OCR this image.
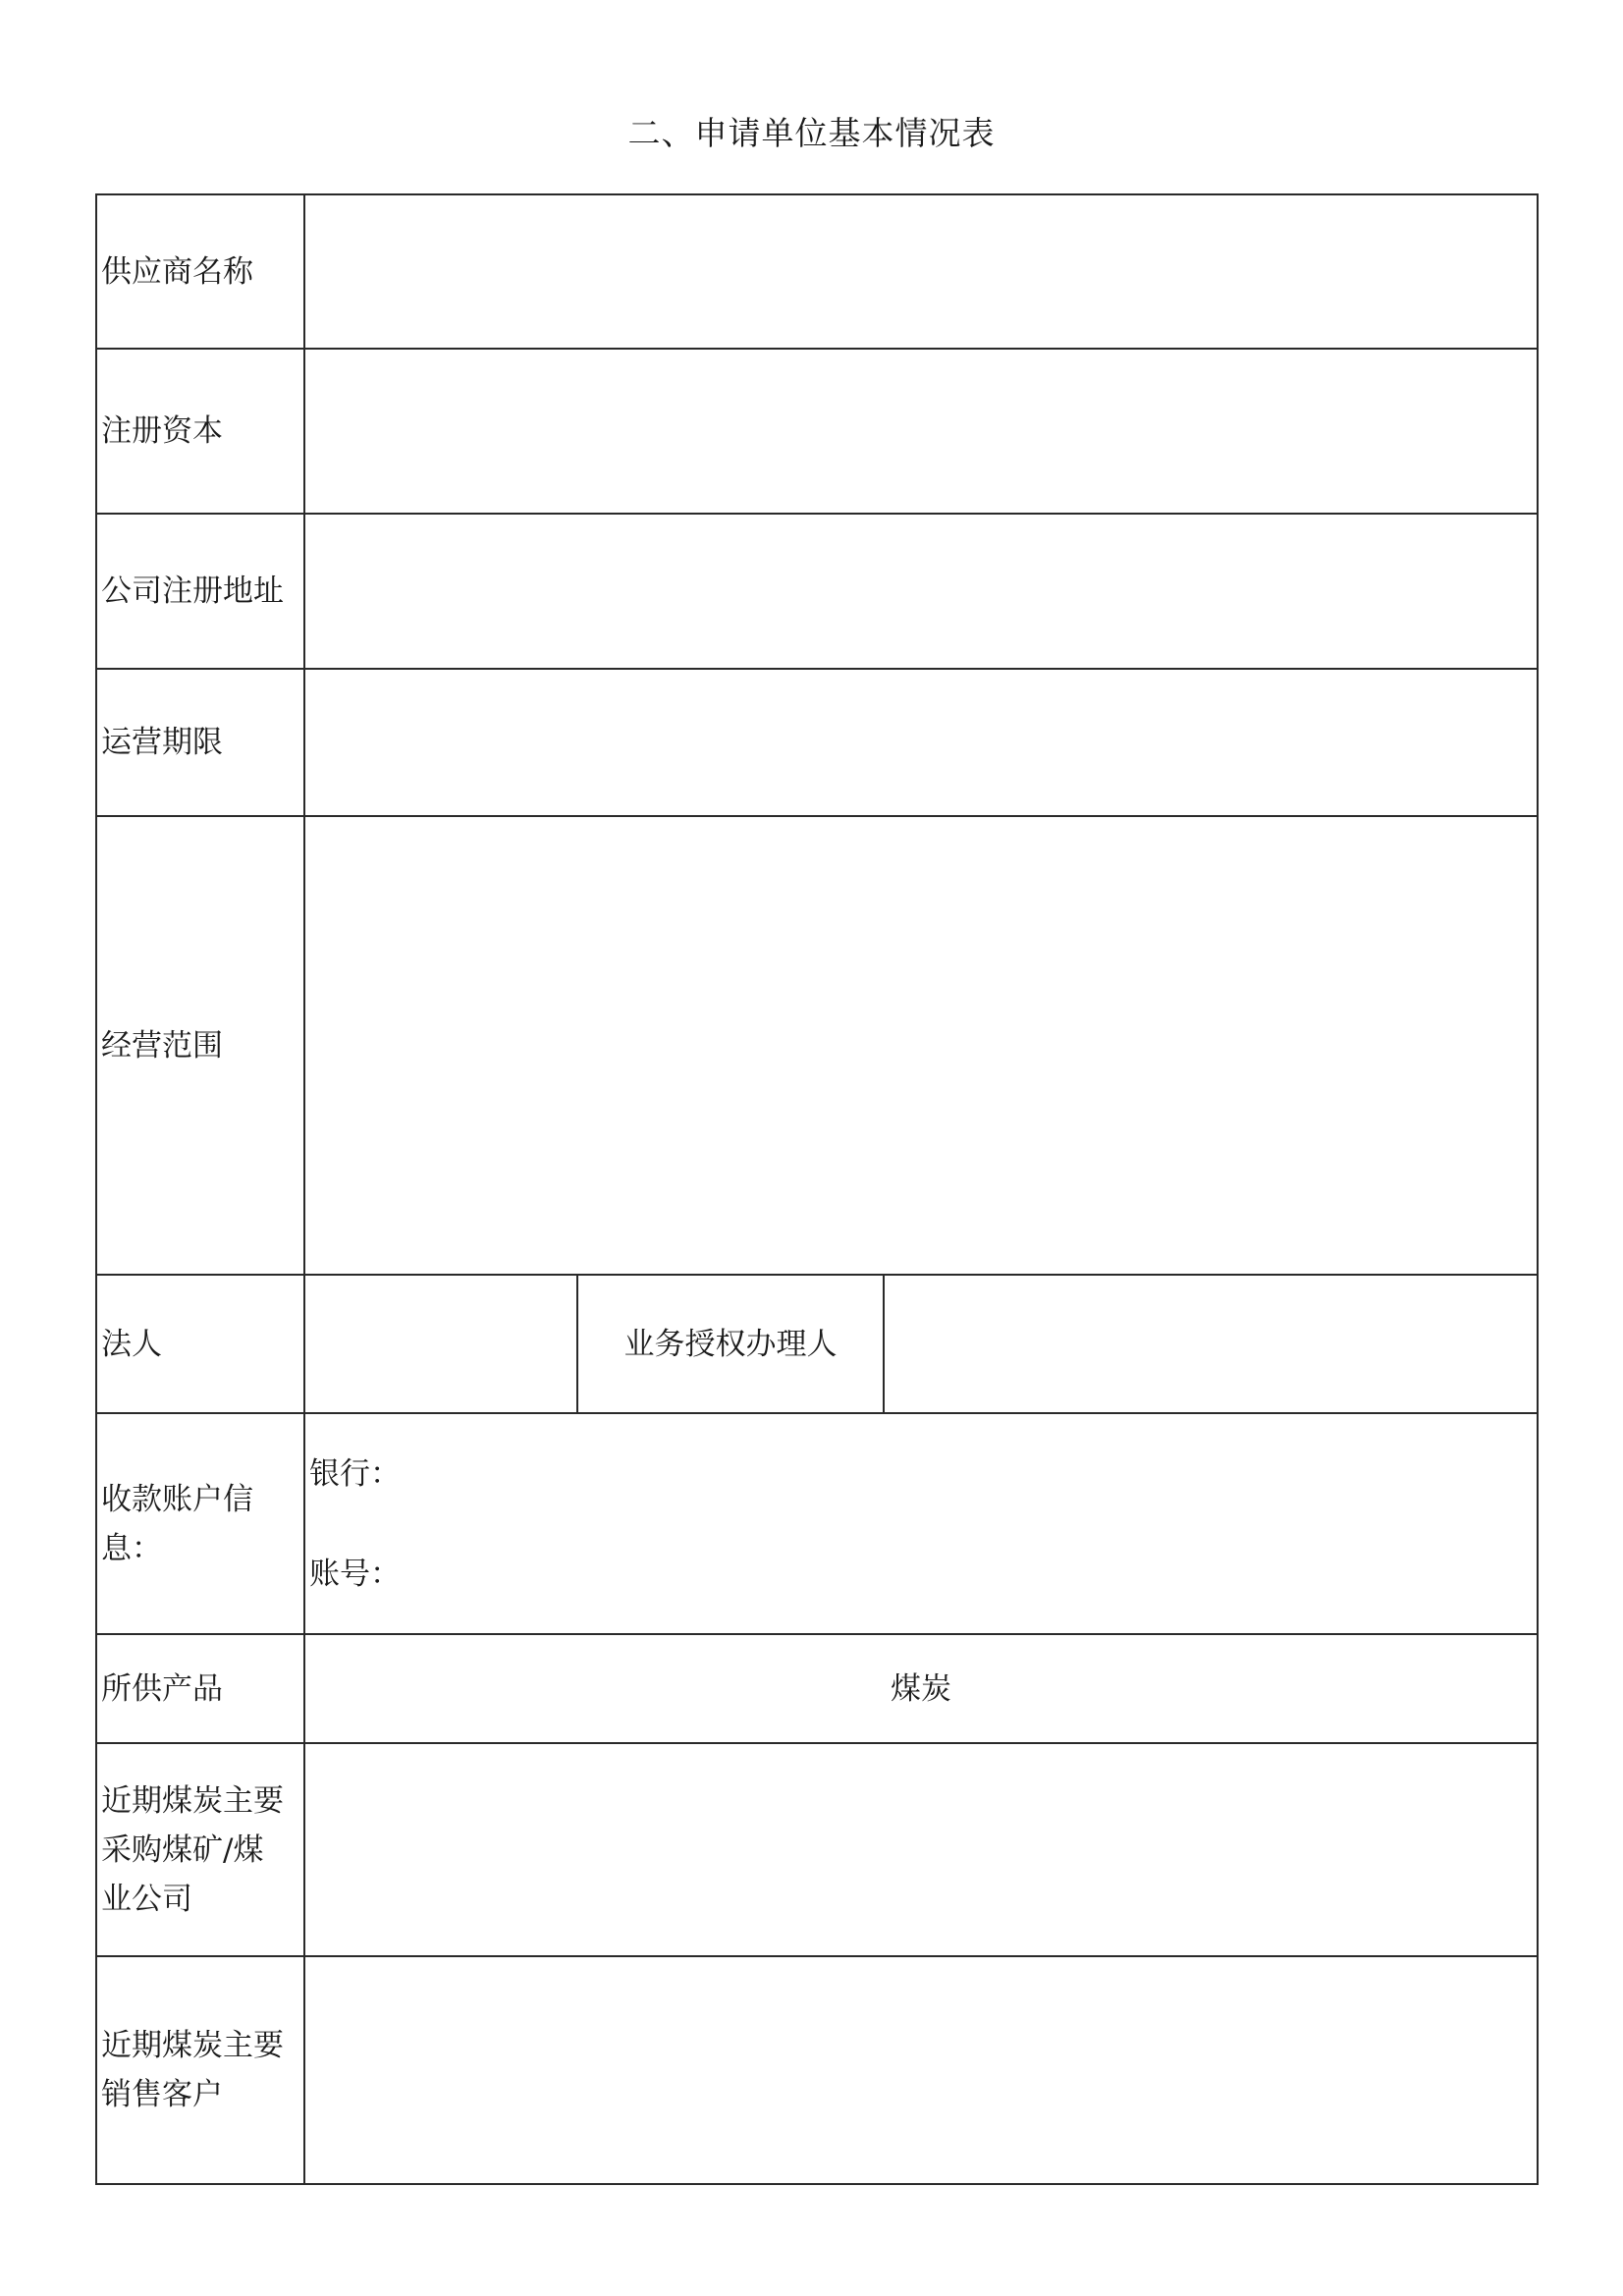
二、申请单位基本情况表
供应商名称			
注册资本			
公司注册地址			
运营期限			
经营范围			
法人		业务授权办理人	

收款账户信
息：	银行：
账号：		

所供产品	煤炭		

近期煤炭主要
采购煤矿/煤
业公司			

近期煤炭主要
销售客户			
